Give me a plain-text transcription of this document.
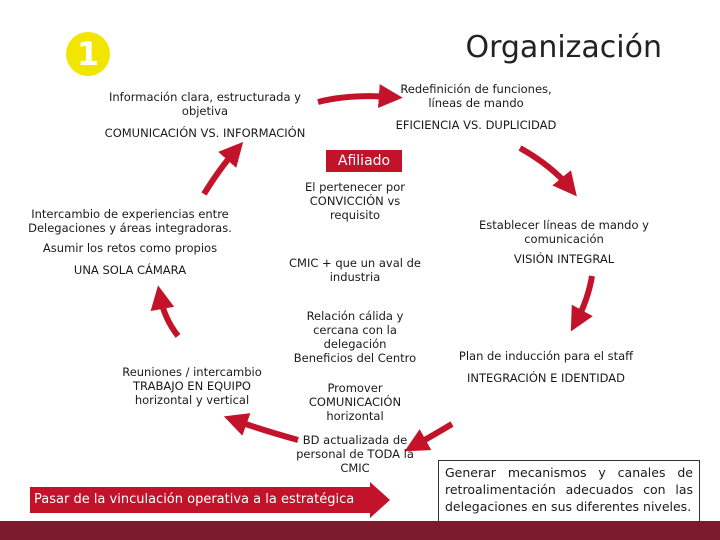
1	Organización
Afiliado
Información clara, estructurada y
objetiva
COMUNICACIÓN VS. INFORMACIÓN
Redefinición de funciones,
líneas de mando
EFICIENCIA VS. DUPLICIDAD
Intercambio de experiencias entre
Delegaciones y áreas integradoras.
Asumir los retos como propios
UNA SOLA CÁMARA
Establecer líneas de mando y
comunicación
VISIÓN INTEGRAL
Reuniones / intercambio
TRABAJO EN EQUIPO
horizontal y vertical
Plan de inducción para el staff
INTEGRACIÓN E IDENTIDAD
El pertenecer por
CONVICCIÓN vs
requisito
CMIC + que un aval de
industria
Relación cálida y
cercana con la
delegación
Beneficios del Centro
Promover
COMUNICACIÓN
horizontal
BD actualizada de
personal de TODA la
CMIC
Pasar de la vinculación operativa a la estratégica
Generar mecanismos y canales de retroalimentación adecuados con las delegaciones en sus diferentes niveles.
